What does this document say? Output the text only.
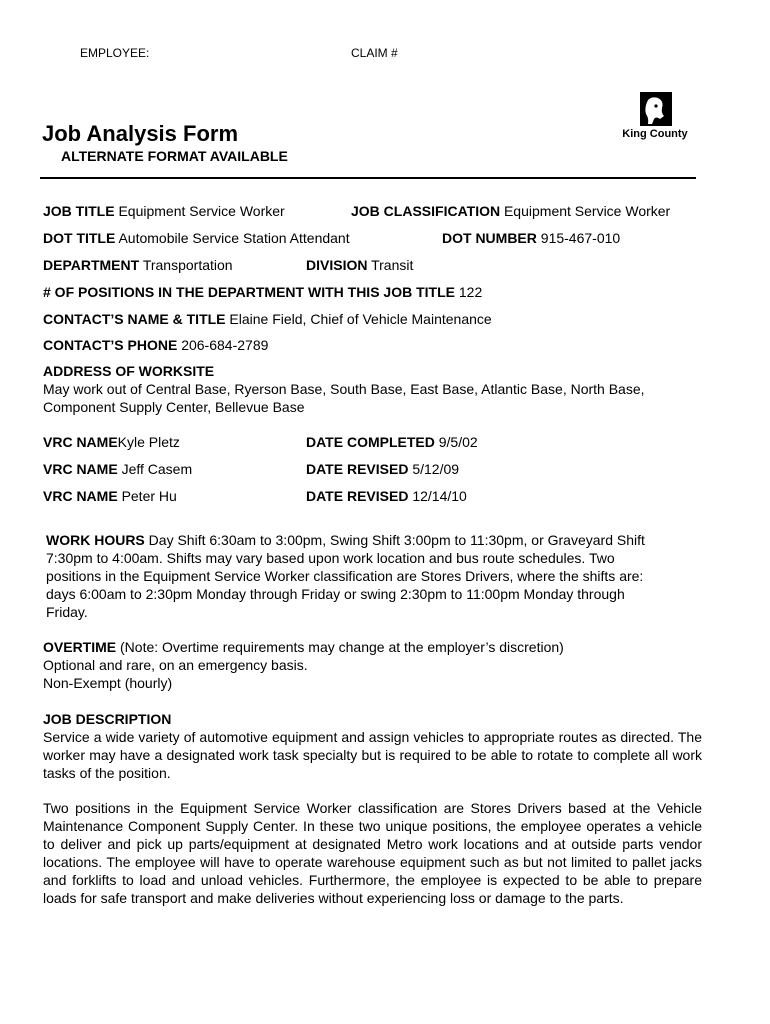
EMPLOYEE:	CLAIM #
Job Analysis Form
ALTERNATE FORMAT AVAILABLE
King County
JOB TITLE Equipment Service Worker	JOB CLASSIFICATION Equipment Service Worker
DOT TITLE Automobile Service Station Attendant	DOT NUMBER 915-467-010
DEPARTMENT Transportation	DIVISION Transit
# OF POSITIONS IN THE DEPARTMENT WITH THIS JOB TITLE 122
CONTACT’S NAME & TITLE Elaine Field, Chief of Vehicle Maintenance
CONTACT’S PHONE 206-684-2789
ADDRESS OF WORKSITE
May work out of Central Base, Ryerson Base, South Base, East Base, Atlantic Base, North Base,
Component Supply Center, Bellevue Base
VRC NAMEKyle Pletz	DATE COMPLETED 9/5/02
VRC NAME Jeff Casem	DATE REVISED 5/12/09
VRC NAME Peter Hu	DATE REVISED 12/14/10
WORK HOURS Day Shift 6:30am to 3:00pm, Swing Shift 3:00pm to 11:30pm, or Graveyard Shift
7:30pm to 4:00am. Shifts may vary based upon work location and bus route schedules. Two
positions in the Equipment Service Worker classification are Stores Drivers, where the shifts are:
days 6:00am to 2:30pm Monday through Friday or swing 2:30pm to 11:00pm Monday through
Friday.
OVERTIME (Note: Overtime requirements may change at the employer’s discretion)
Optional and rare, on an emergency basis.
Non-Exempt (hourly)
JOB DESCRIPTION
Service a wide variety of automotive equipment and assign vehicles to appropriate routes as directed. The worker may have a designated work task specialty but is required to be able to rotate to complete all work tasks of the position.
Two positions in the Equipment Service Worker classification are Stores Drivers based at the Vehicle Maintenance Component Supply Center. In these two unique positions, the employee operates a vehicle to deliver and pick up parts/equipment at designated Metro work locations and at outside parts vendor locations. The employee will have to operate warehouse equipment such as but not limited to pallet jacks and forklifts to load and unload vehicles. Furthermore, the employee is expected to be able to prepare loads for safe transport and make deliveries without experiencing loss or damage to the parts.
